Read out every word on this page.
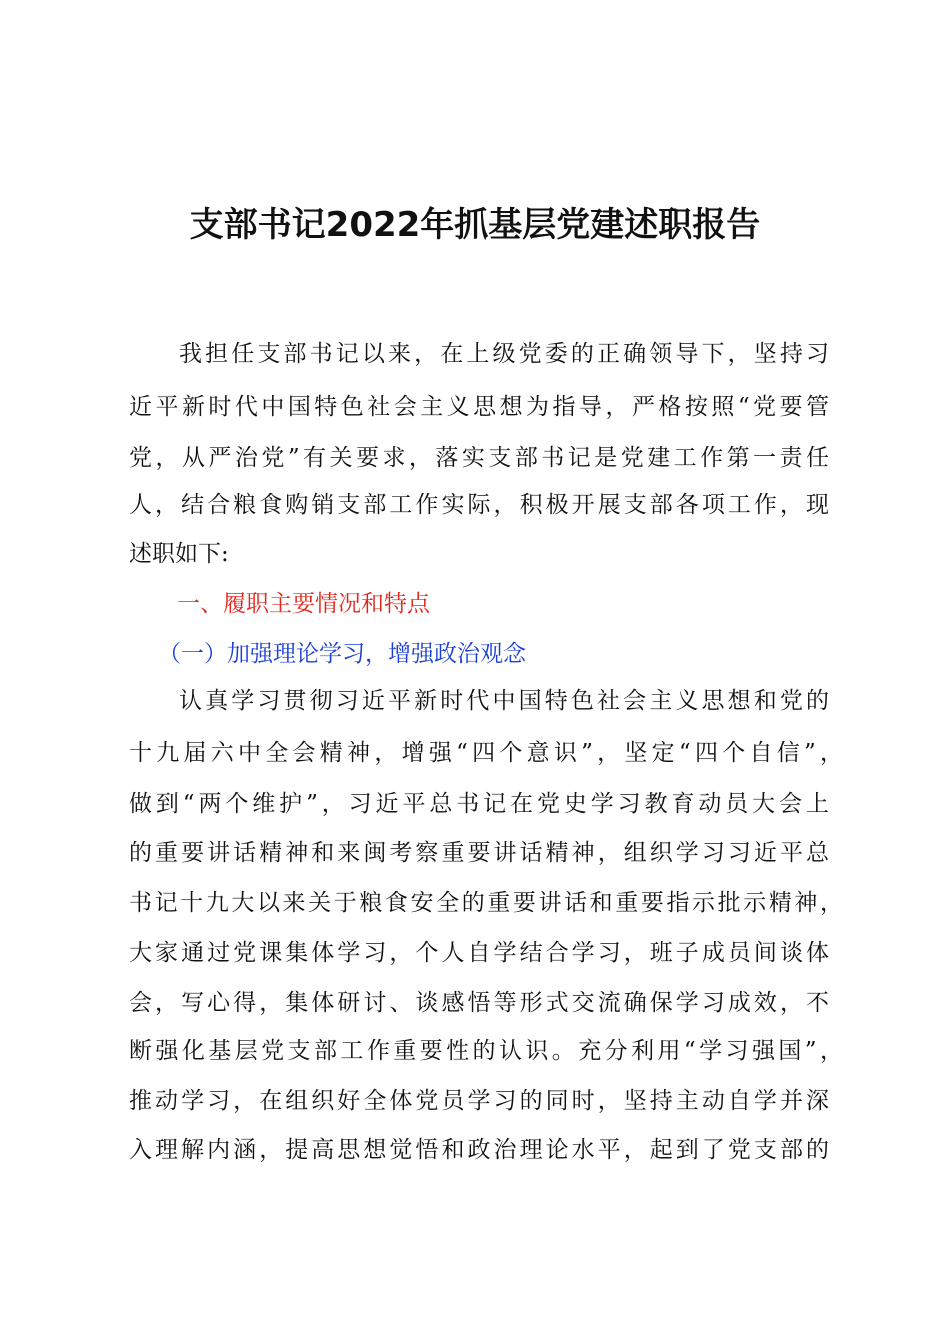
支部书记2022年抓基层党建述职报告
我担任支部书记以来，在上级党委的正确领导下，坚持习
近平新时代中国特色社会主义思想为指导，严格按照“党要管
党，从严治党”有关要求，落实支部书记是党建工作第一责任
人，结合粮食购销支部工作实际，积极开展支部各项工作，现
述职如下:
一、履职主要情况和特点
（一）加强理论学习，增强政治观念
认真学习贯彻习近平新时代中国特色社会主义思想和党的
十九届六中全会精神，增强“四个意识”，坚定“四个自信”，
做到“两个维护”，习近平总书记在党史学习教育动员大会上
的重要讲话精神和来闽考察重要讲话精神，组织学习习近平总
书记十九大以来关于粮食安全的重要讲话和重要指示批示精神，
大家通过党课集体学习，个人自学结合学习，班子成员间谈体
会，写心得，集体研讨、谈感悟等形式交流确保学习成效，不
断强化基层党支部工作重要性的认识。充分利用“学习强国”，
推动学习，在组织好全体党员学习的同时，坚持主动自学并深
入理解内涵，提高思想觉悟和政治理论水平，起到了党支部的
